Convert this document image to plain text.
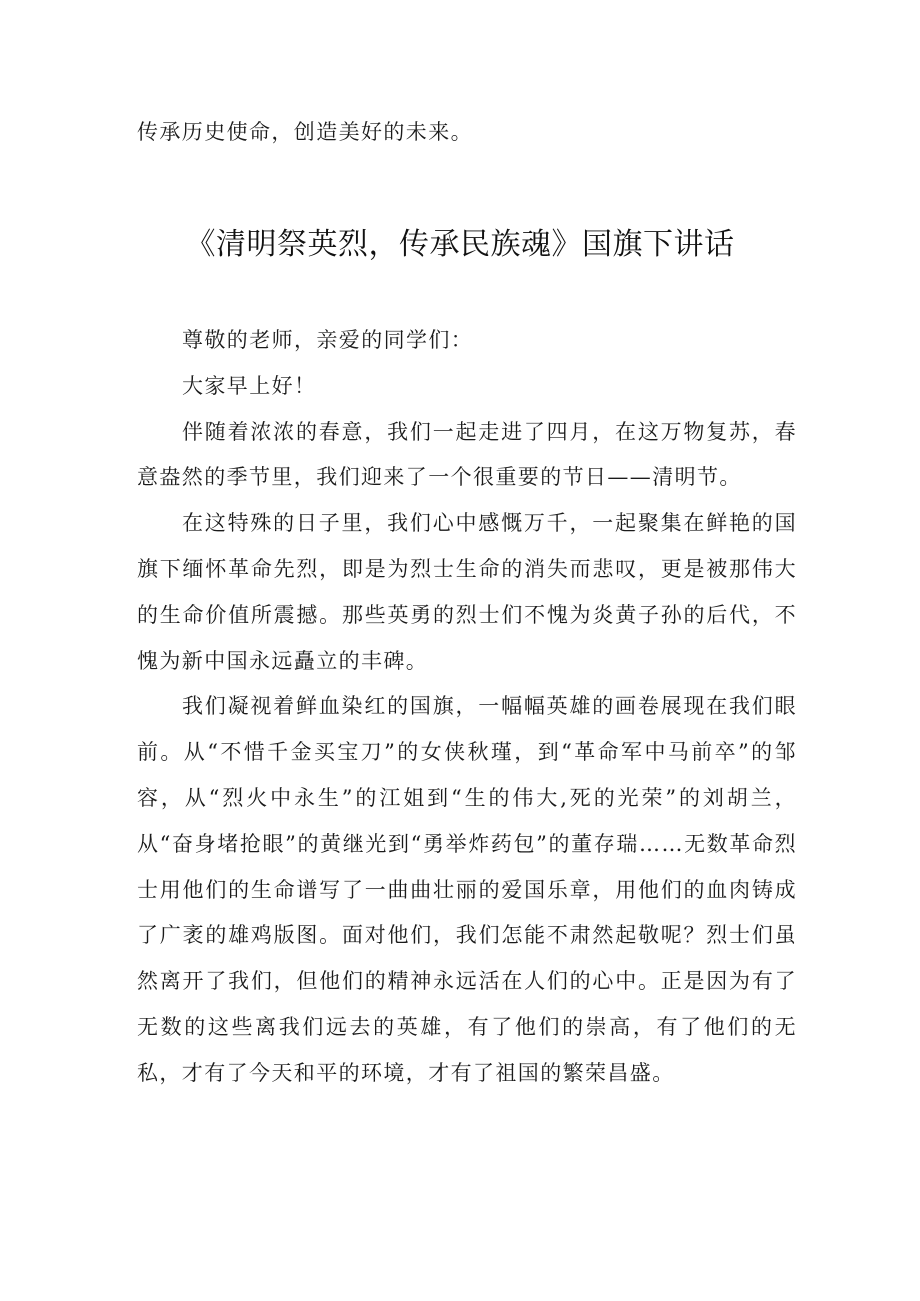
传承历史使命，创造美好的未来。

《清明祭英烈，传承民族魂》国旗下讲话

尊敬的老师，亲爱的同学们：

大家早上好！

伴随着浓浓的春意，我们一起走进了四月，在这万物复苏，春意盎然的季节里，我们迎来了一个很重要的节日——清明节。

在这特殊的日子里，我们心中感慨万千，一起聚集在鲜艳的国旗下缅怀革命先烈，即是为烈士生命的消失而悲叹，更是被那伟大的生命价值所震撼。那些英勇的烈士们不愧为炎黄子孙的后代，不愧为新中国永远矗立的丰碑。

我们凝视着鲜血染红的国旗，一幅幅英雄的画卷展现在我们眼前。从“不惜千金买宝刀”的女侠秋瑾，到“革命军中马前卒”的邹容，从“烈火中永生”的江姐到“生的伟大,死的光荣”的刘胡兰，从“奋身堵抢眼”的黄继光到“勇举炸药包”的董存瑞……无数革命烈士用他们的生命谱写了一曲曲壮丽的爱国乐章，用他们的血肉铸成了广袤的雄鸡版图。面对他们，我们怎能不肃然起敬呢？烈士们虽然离开了我们，但他们的精神永远活在人们的心中。正是因为有了无数的这些离我们远去的英雄，有了他们的崇高，有了他们的无私，才有了今天和平的环境，才有了祖国的繁荣昌盛。
